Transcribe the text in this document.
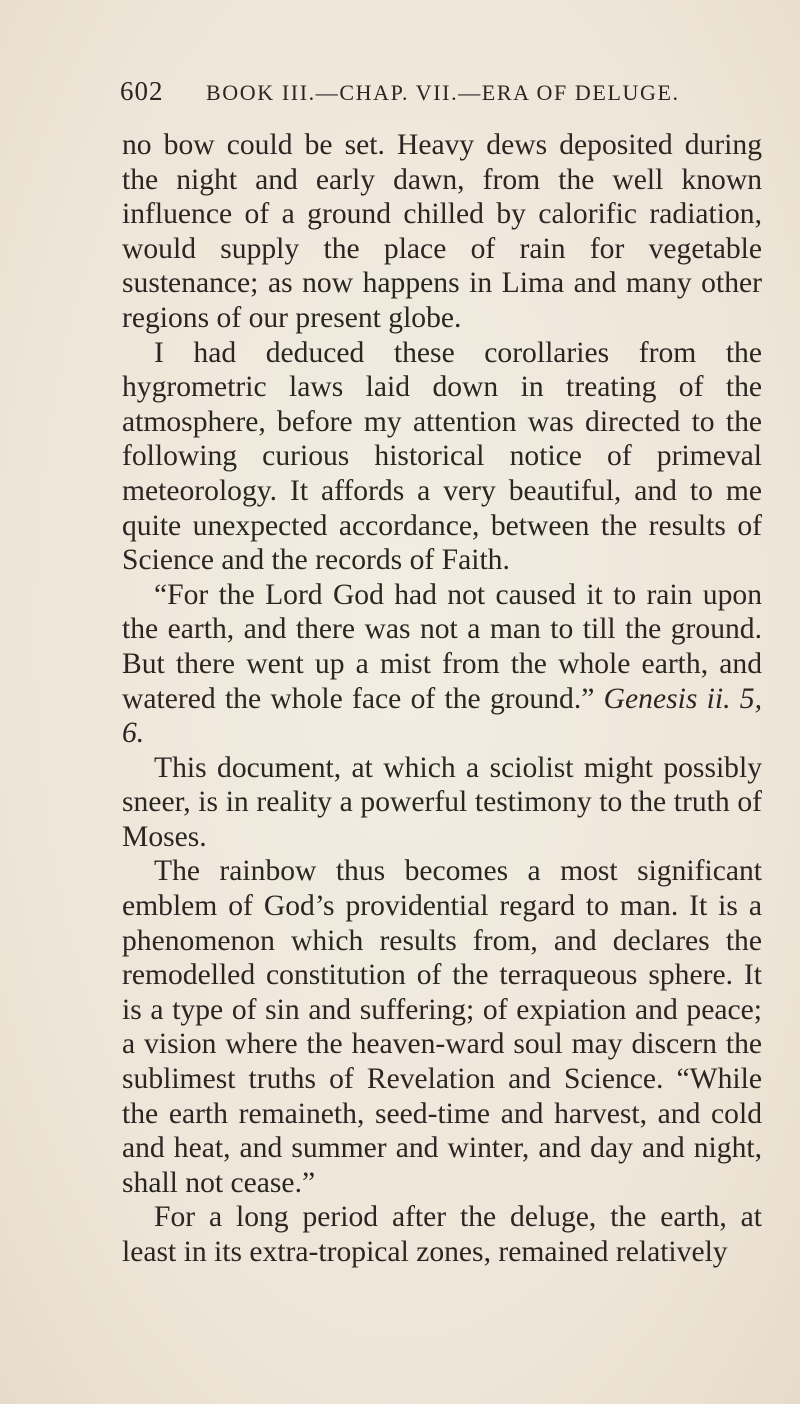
602 BOOK III.—CHAP. VII.—ERA OF DELUGE.

no bow could be set. Heavy dews deposited during the night and early dawn, from the well known influence of a ground chilled by calorific radiation, would supply the place of rain for vegetable sustenance; as now happens in Lima and many other regions of our present globe.

I had deduced these corollaries from the hygrometric laws laid down in treating of the atmosphere, before my attention was directed to the following curious historical notice of primeval meteorology. It affords a very beautiful, and to me quite unexpected accordance, between the results of Science and the records of Faith.

“For the Lord God had not caused it to rain upon the earth, and there was not a man to till the ground. But there went up a mist from the whole earth, and watered the whole face of the ground.” Genesis ii. 5, 6.

This document, at which a sciolist might possibly sneer, is in reality a powerful testimony to the truth of Moses.

The rainbow thus becomes a most significant emblem of God’s providential regard to man. It is a phenomenon which results from, and declares the remodelled constitution of the terraqueous sphere. It is a type of sin and suffering; of expiation and peace; a vision where the heaven-ward soul may discern the sublimest truths of Revelation and Science. “While the earth remaineth, seed-time and harvest, and cold and heat, and summer and winter, and day and night, shall not cease.”

For a long period after the deluge, the earth, at least in its extra-tropical zones, remained relatively
